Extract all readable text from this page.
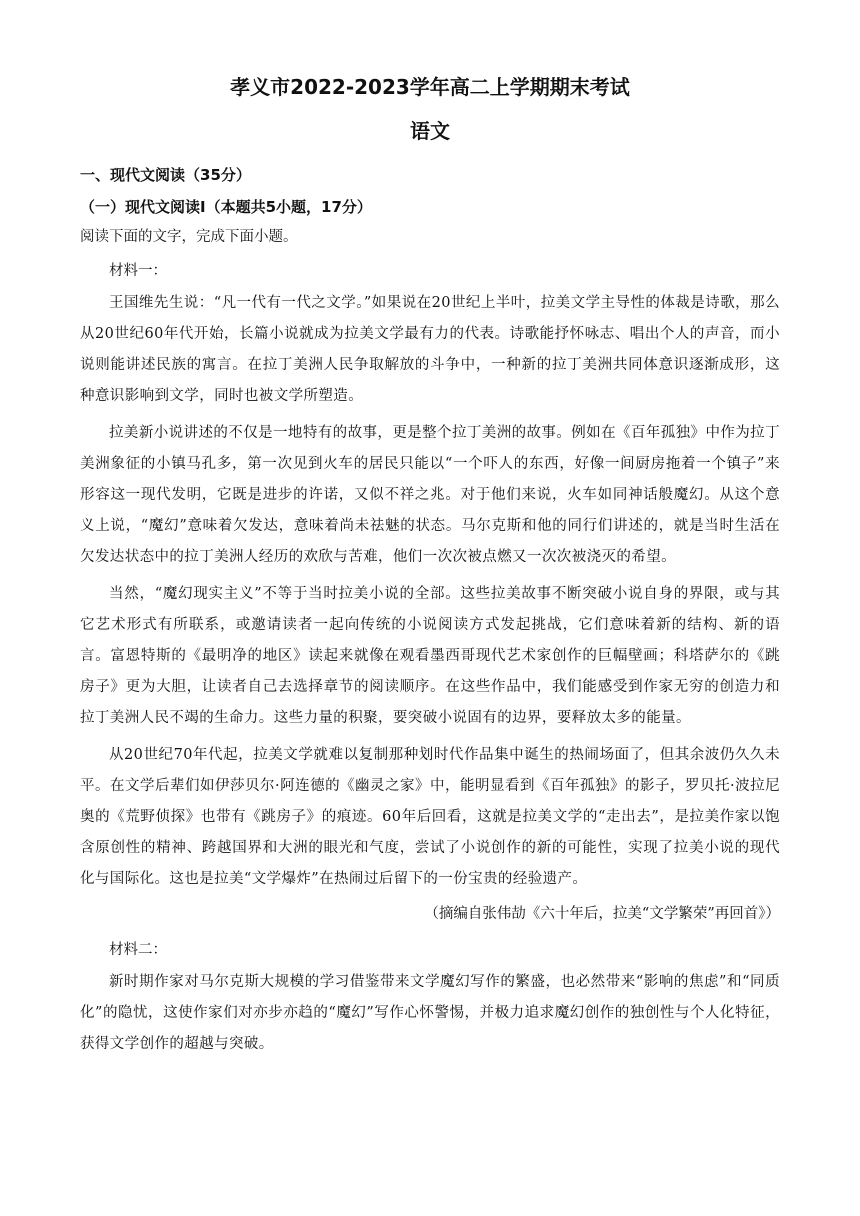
孝义市2022-2023学年高二上学期期末考试
语文

一、现代文阅读（35分）

（一）现代文阅读Ⅰ（本题共5小题，17分）

阅读下面的文字，完成下面小题。

材料一：

王国维先生说：“凡一代有一代之文学。”如果说在20世纪上半叶，拉美文学主导性的体裁是诗歌，那么从20世纪60年代开始，长篇小说就成为拉美文学最有力的代表。诗歌能抒怀咏志、唱出个人的声音，而小说则能讲述民族的寓言。在拉丁美洲人民争取解放的斗争中，一种新的拉丁美洲共同体意识逐渐成形，这种意识影响到文学，同时也被文学所塑造。

拉美新小说讲述的不仅是一地特有的故事，更是整个拉丁美洲的故事。例如在《百年孤独》中作为拉丁美洲象征的小镇马孔多，第一次见到火车的居民只能以“一个吓人的东西，好像一间厨房拖着一个镇子”来形容这一现代发明，它既是进步的许诺，又似不祥之兆。对于他们来说，火车如同神话般魔幻。从这个意义上说，“魔幻”意味着欠发达，意味着尚未祛魅的状态。马尔克斯和他的同行们讲述的，就是当时生活在欠发达状态中的拉丁美洲人经历的欢欣与苦难，他们一次次被点燃又一次次被浇灭的希望。

当然，“魔幻现实主义”不等于当时拉美小说的全部。这些拉美故事不断突破小说自身的界限，或与其它艺术形式有所联系，或邀请读者一起向传统的小说阅读方式发起挑战，它们意味着新的结构、新的语言。富恩特斯的《最明净的地区》读起来就像在观看墨西哥现代艺术家创作的巨幅壁画；科塔萨尔的《跳房子》更为大胆，让读者自己去选择章节的阅读顺序。在这些作品中，我们能感受到作家无穷的创造力和拉丁美洲人民不竭的生命力。这些力量的积聚，要突破小说固有的边界，要释放太多的能量。

从20世纪70年代起，拉美文学就难以复制那种划时代作品集中诞生的热闹场面了，但其余波仍久久未平。在文学后辈们如伊莎贝尔·阿连德的《幽灵之家》中，能明显看到《百年孤独》的影子，罗贝托·波拉尼奥的《荒野侦探》也带有《跳房子》的痕迹。60年后回看，这就是拉美文学的“走出去”，是拉美作家以饱含原创性的精神、跨越国界和大洲的眼光和气度，尝试了小说创作的新的可能性，实现了拉美小说的现代化与国际化。这也是拉美“文学爆炸”在热闹过后留下的一份宝贵的经验遗产。

（摘编自张伟劼《六十年后，拉美“文学繁荣”再回首》）

材料二：

新时期作家对马尔克斯大规模的学习借鉴带来文学魔幻写作的繁盛，也必然带来“影响的焦虑”和“同质化”的隐忧，这使作家们对亦步亦趋的“魔幻”写作心怀警惕，并极力追求魔幻创作的独创性与个人化特征，获得文学创作的超越与突破。
